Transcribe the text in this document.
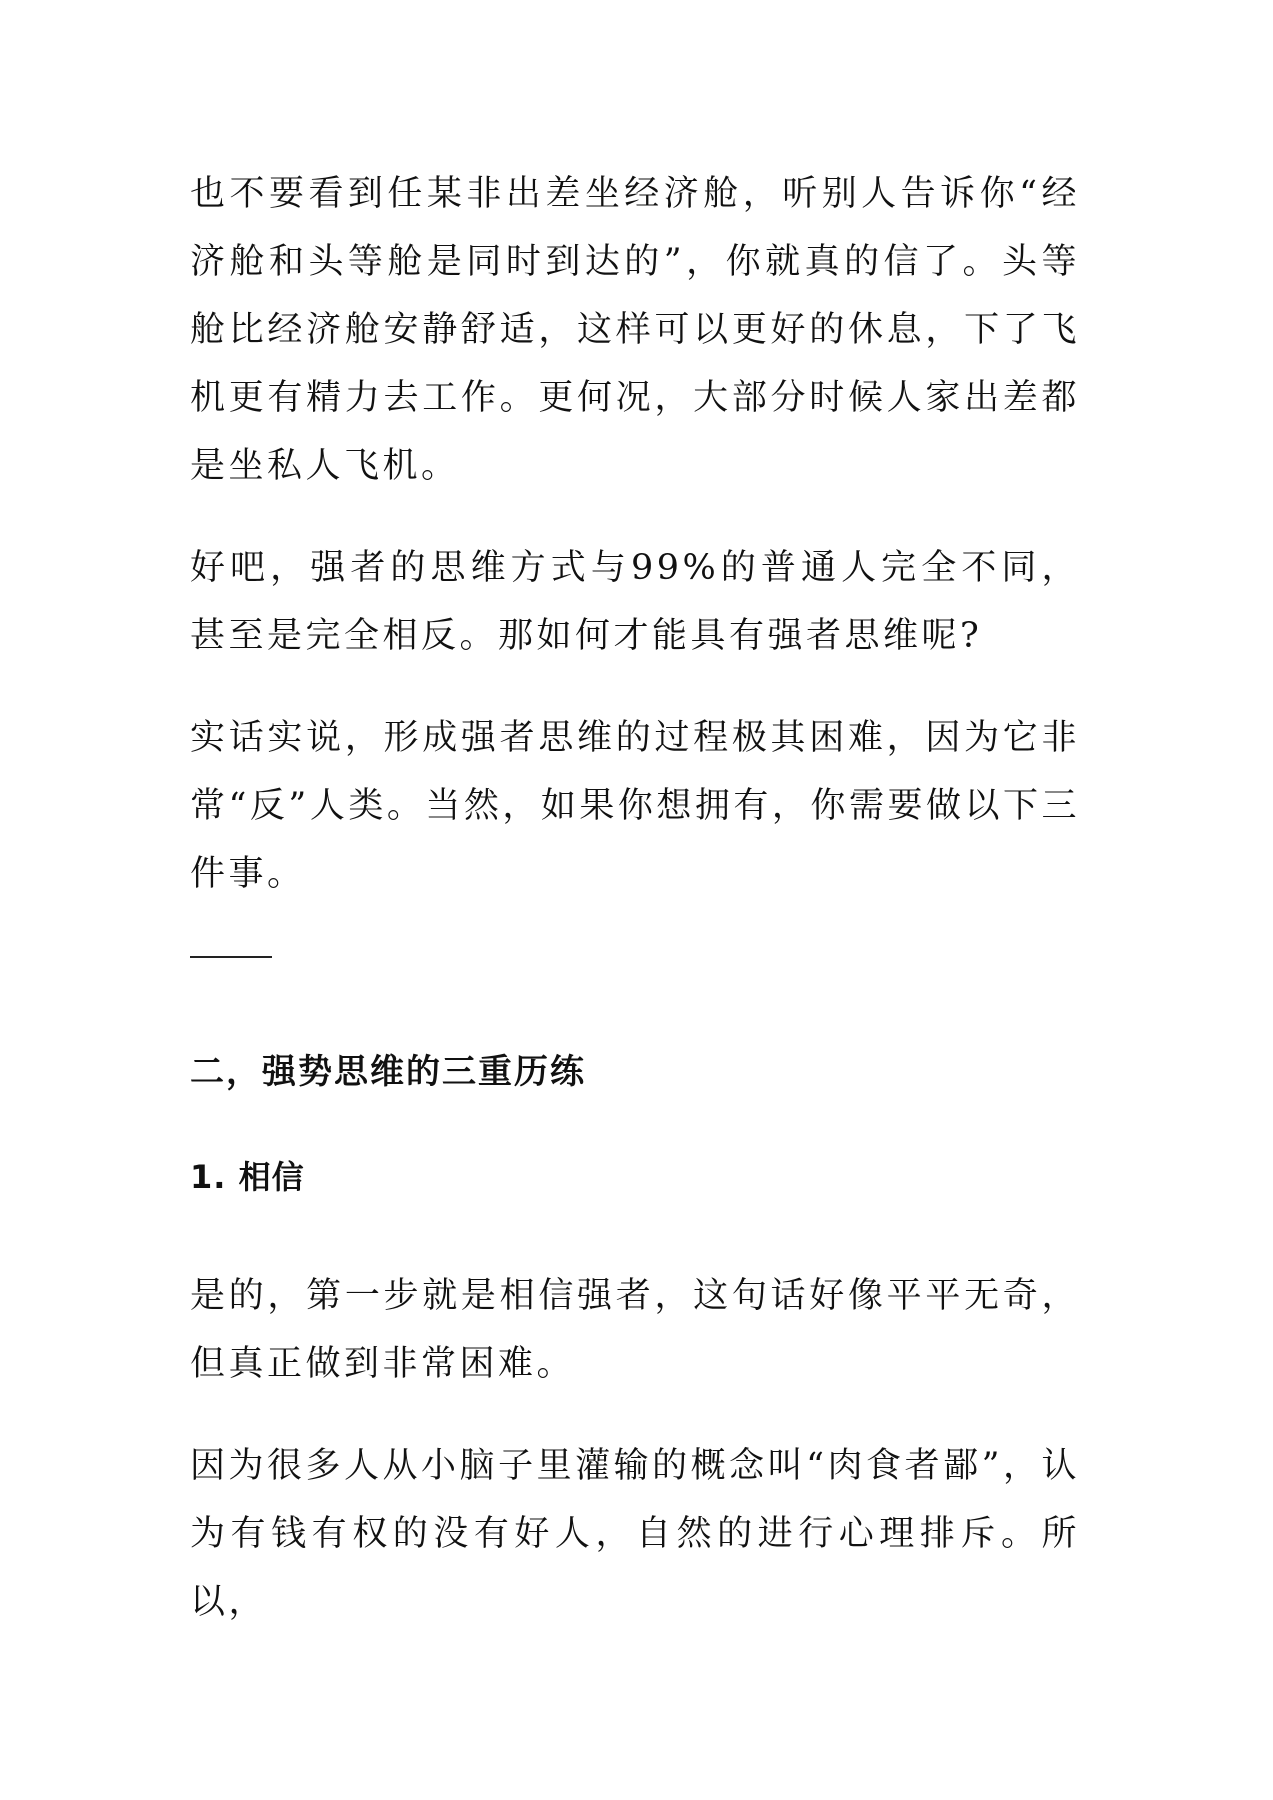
也不要看到任某非出差坐经济舱，听别人告诉你“经济舱和头等舱是同时到达的”，你就真的信了。头等舱比经济舱安静舒适，这样可以更好的休息，下了飞机更有精力去工作。更何况，大部分时候人家出差都是坐私人飞机。

好吧，强者的思维方式与99%的普通人完全不同，甚至是完全相反。那如何才能具有强者思维呢?

实话实说，形成强者思维的过程极其困难，因为它非常“反”人类。当然，如果你想拥有，你需要做以下三件事。

二，强势思维的三重历练
1. 相信

是的，第一步就是相信强者，这句话好像平平无奇，但真正做到非常困难。

因为很多人从小脑子里灌输的概念叫“肉食者鄙”，认为有钱有权的没有好人，自然的进行心理排斥。所以，
